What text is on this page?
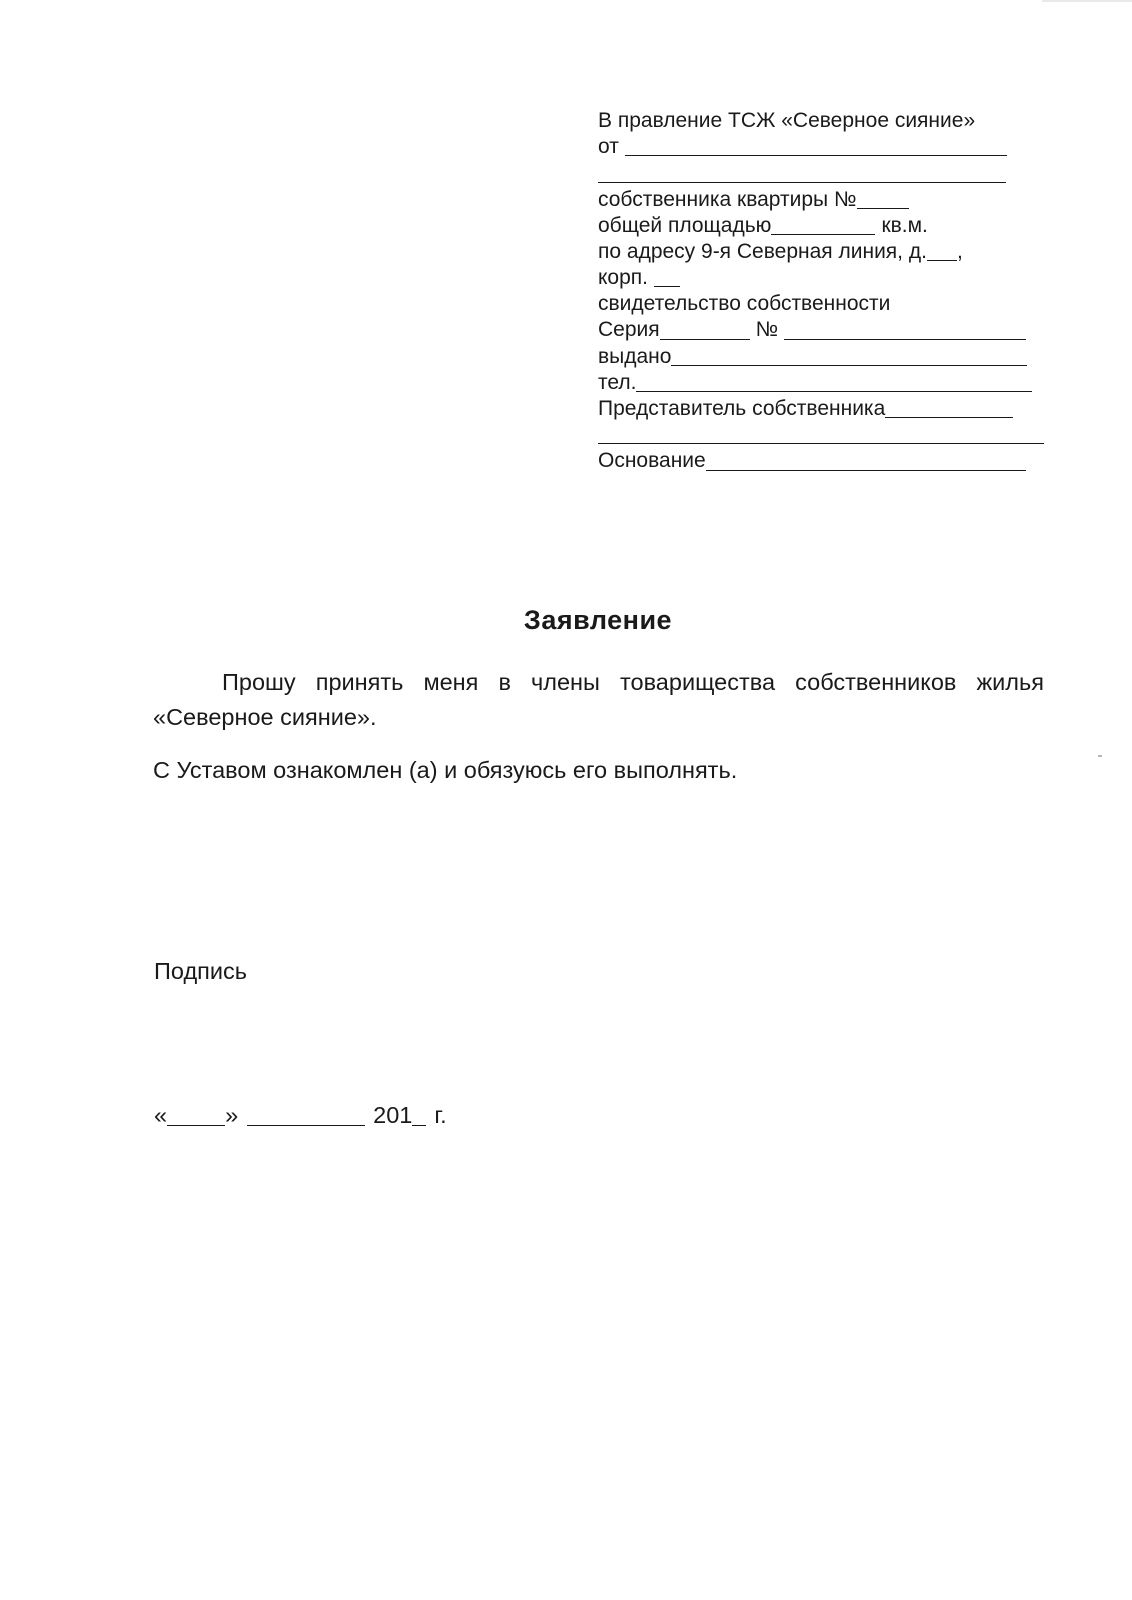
В правление ТСЖ «Северное сияние»
от
собственника квартиры №
общей площадью	кв.м.
по адресу 9-я Северная линия, д. ,
корп.
свидетельство собственности
Серия	№
выдано
тел.
Представитель собственника
Основание
Заявление
Прошу принять меня в члены товарищества собственников жилья «Северное сияние».
С Уставом ознакомлен (а) и обязуюсь его выполнять.
Подпись
« »	201 г.
